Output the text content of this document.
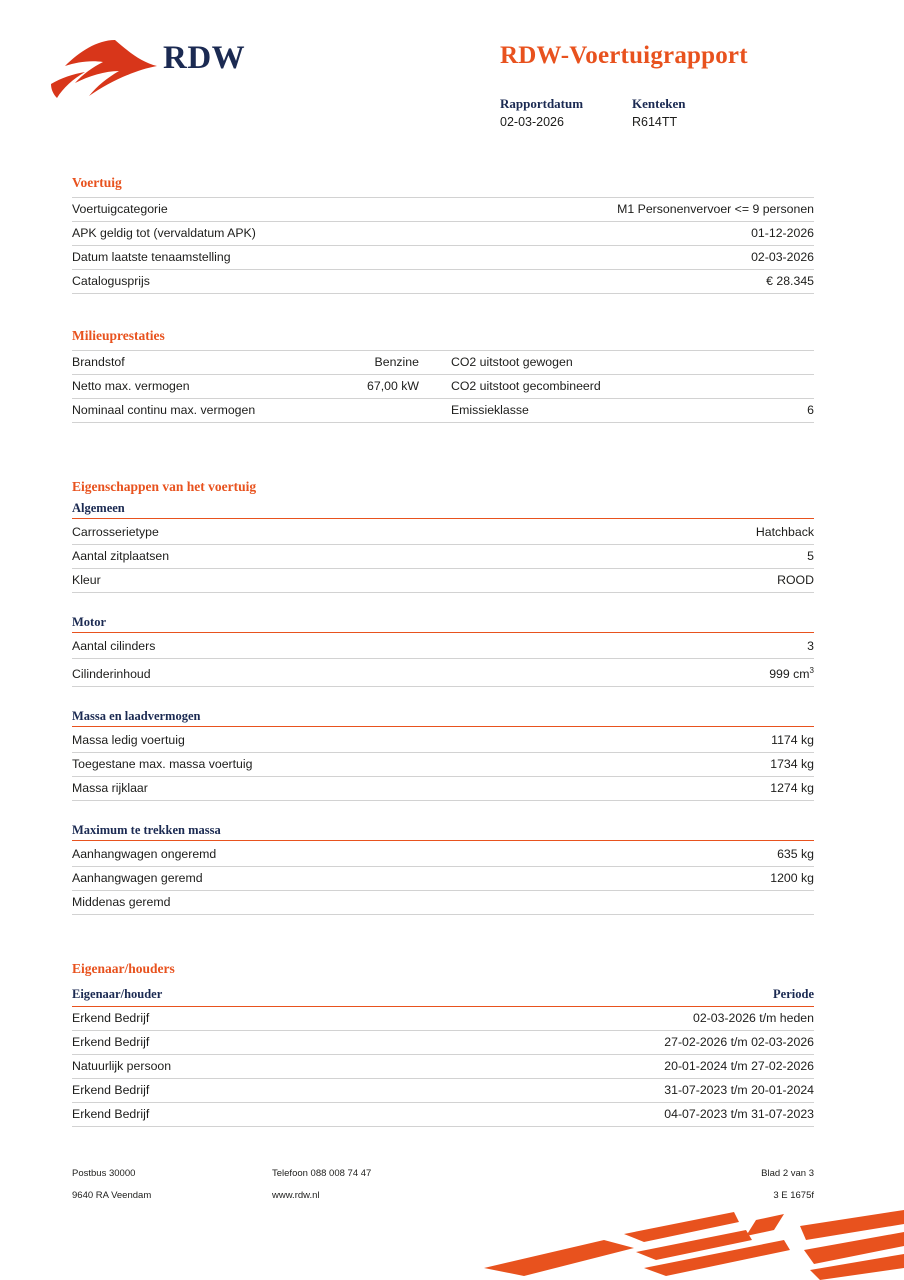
RDW	RDW-Voertuigrapport
Rapportdatum
02-03-2026
Kenteken
R614TT
Voertuig
Voertuigcategorie	M1 Personenvervoer <= 9 personen
APK geldig tot (vervaldatum APK)	01-12-2026
Datum laatste tenaamstelling	02-03-2026
Catalogusprijs	€ 28.345
Milieuprestaties
Brandstof	Benzine	CO2 uitstoot gewogen	
Netto max. vermogen	67,00 kW	CO2 uitstoot gecombineerd	
Nominaal continu max. vermogen		Emissieklasse	6
Eigenschappen van het voertuig
Algemeen
Carrosserietype	Hatchback
Aantal zitplaatsen	5
Kleur	ROOD
Motor
Aantal cilinders	3
Cilinderinhoud	999 $cm^3$
Massa en laadvermogen
Massa ledig voertuig	1174 kg
Toegestane max. massa voertuig	1734 kg
Massa rijklaar	1274 kg
Maximum te trekken massa
Aanhangwagen ongeremd	635 kg
Aanhangwagen geremd	1200 kg
Middenas geremd	
Eigenaar/houders
Eigenaar/houder	Periode
Erkend Bedrijf	02-03-2026 t/m heden
Erkend Bedrijf	27-02-2026 t/m 02-03-2026
Natuurlijk persoon	20-01-2024 t/m 27-02-2026
Erkend Bedrijf	31-07-2023 t/m 20-01-2024
Erkend Bedrijf	04-07-2023 t/m 31-07-2023
Postbus 30000	Telefoon 088 008 74 47	Blad 2 van 3
9640 RA Veendam	www.rdw.nl	3 E 1675f
